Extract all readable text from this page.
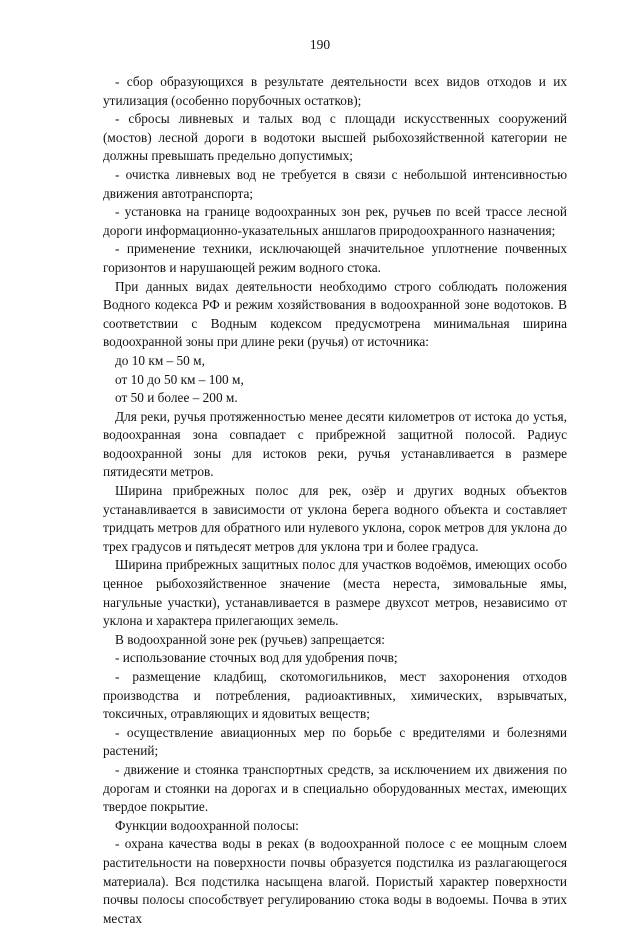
190

- сбор образующихся в результате деятельности всех видов отходов и их утилизация (особенно порубочных остатков);

- сбросы ливневых и талых вод с площади искусственных сооружений (мостов) лесной дороги в водотоки высшей рыбохозяйственной категории не должны превышать предельно допустимых;

- очистка ливневых вод не требуется в связи с небольшой интенсивностью движения автотранспорта;

- установка на границе водоохранных зон рек, ручьев по всей трассе лесной дороги информационно-указательных аншлагов природоохранного назначения;

- применение техники, исключающей значительное уплотнение почвенных горизонтов и нарушающей режим водного стока.

При данных видах деятельности необходимо строго соблюдать положения Водного кодекса РФ и режим хозяйствования в водоохранной зоне водотоков. В соответствии с Водным кодексом предусмотрена минимальная ширина водоохранной зоны при длине реки (ручья) от источника:

до 10 км – 50 м,

от 10 до 50 км – 100 м,

от 50 и более – 200 м.

Для реки, ручья протяженностью менее десяти километров от истока до устья, водоохранная зона совпадает с прибрежной защитной полосой. Радиус водоохранной зоны для истоков реки, ручья устанавливается в размере пятидесяти метров.

Ширина прибрежных полос для рек, озёр и других водных объектов устанавливается в зависимости от уклона берега водного объекта и составляет тридцать метров для обратного или нулевого уклона, сорок метров для уклона до трех градусов и пятьдесят метров для уклона три и более градуса.

Ширина прибрежных защитных полос для участков водоёмов, имеющих особо ценное рыбохозяйственное значение (места нереста, зимовальные ямы, нагульные участки), устанавливается в размере двухсот метров, независимо от уклона и характера прилегающих земель.

В водоохранной зоне рек (ручьев) запрещается:

- использование сточных вод для удобрения почв;

- размещение кладбищ, скотомогильников, мест захоронения отходов производства и потребления, радиоактивных, химических, взрывчатых, токсичных, отравляющих и ядовитых веществ;

- осуществление авиационных мер по борьбе с вредителями и болезнями растений;

- движение и стоянка транспортных средств, за исключением их движения по дорогам и стоянки на дорогах и в специально оборудованных местах, имеющих твердое покрытие.

Функции водоохранной полосы:

- охрана качества воды в реках (в водоохранной полосе с ее мощным слоем растительности на поверхности почвы образуется подстилка из разлагающегося материала). Вся подстилка насыщена влагой. Пористый характер поверхности почвы полосы способствует регулированию стока воды в водоемы. Почва в этих местах
